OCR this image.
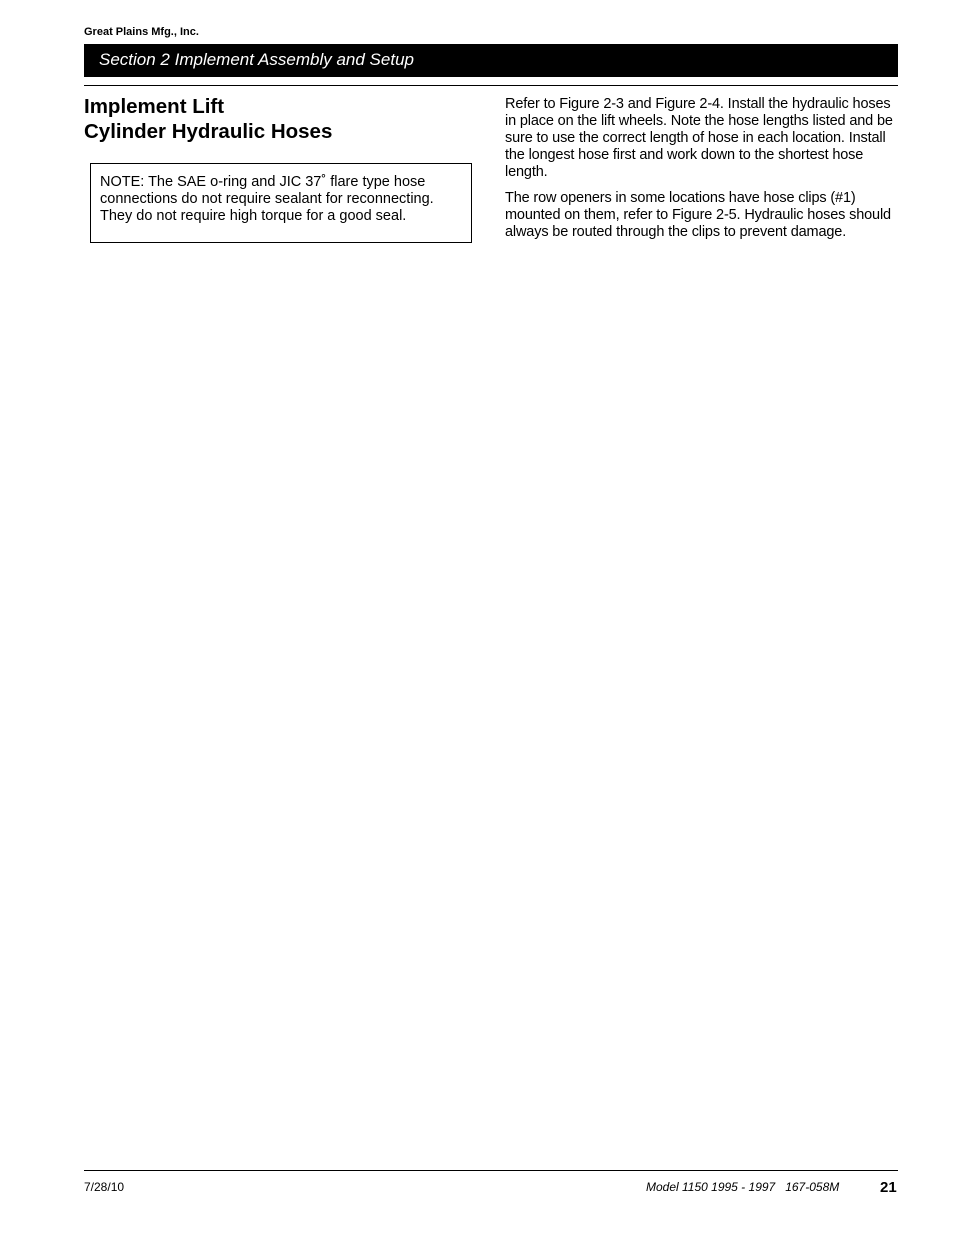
Great Plains Mfg., Inc.
Section 2 Implement Assembly and Setup
Implement Lift
Cylinder Hydraulic Hoses
NOTE: The SAE o-ring and JIC 37˚ flare type hose connections do not require sealant for reconnecting. They do not require high torque for a good seal.

Refer to Figure 2-3 and Figure 2-4. Install the hydraulic hoses in place on the lift wheels. Note the hose lengths listed and be sure to use the correct length of hose in each location. Install the longest hose first and work down to the shortest hose length.

The row openers in some locations have hose clips (#1) mounted on them, refer to Figure 2-5. Hydraulic hoses should always be routed through the clips to prevent damage.

7/28/10	Model 1150 1995 - 1997   167-058M	21
